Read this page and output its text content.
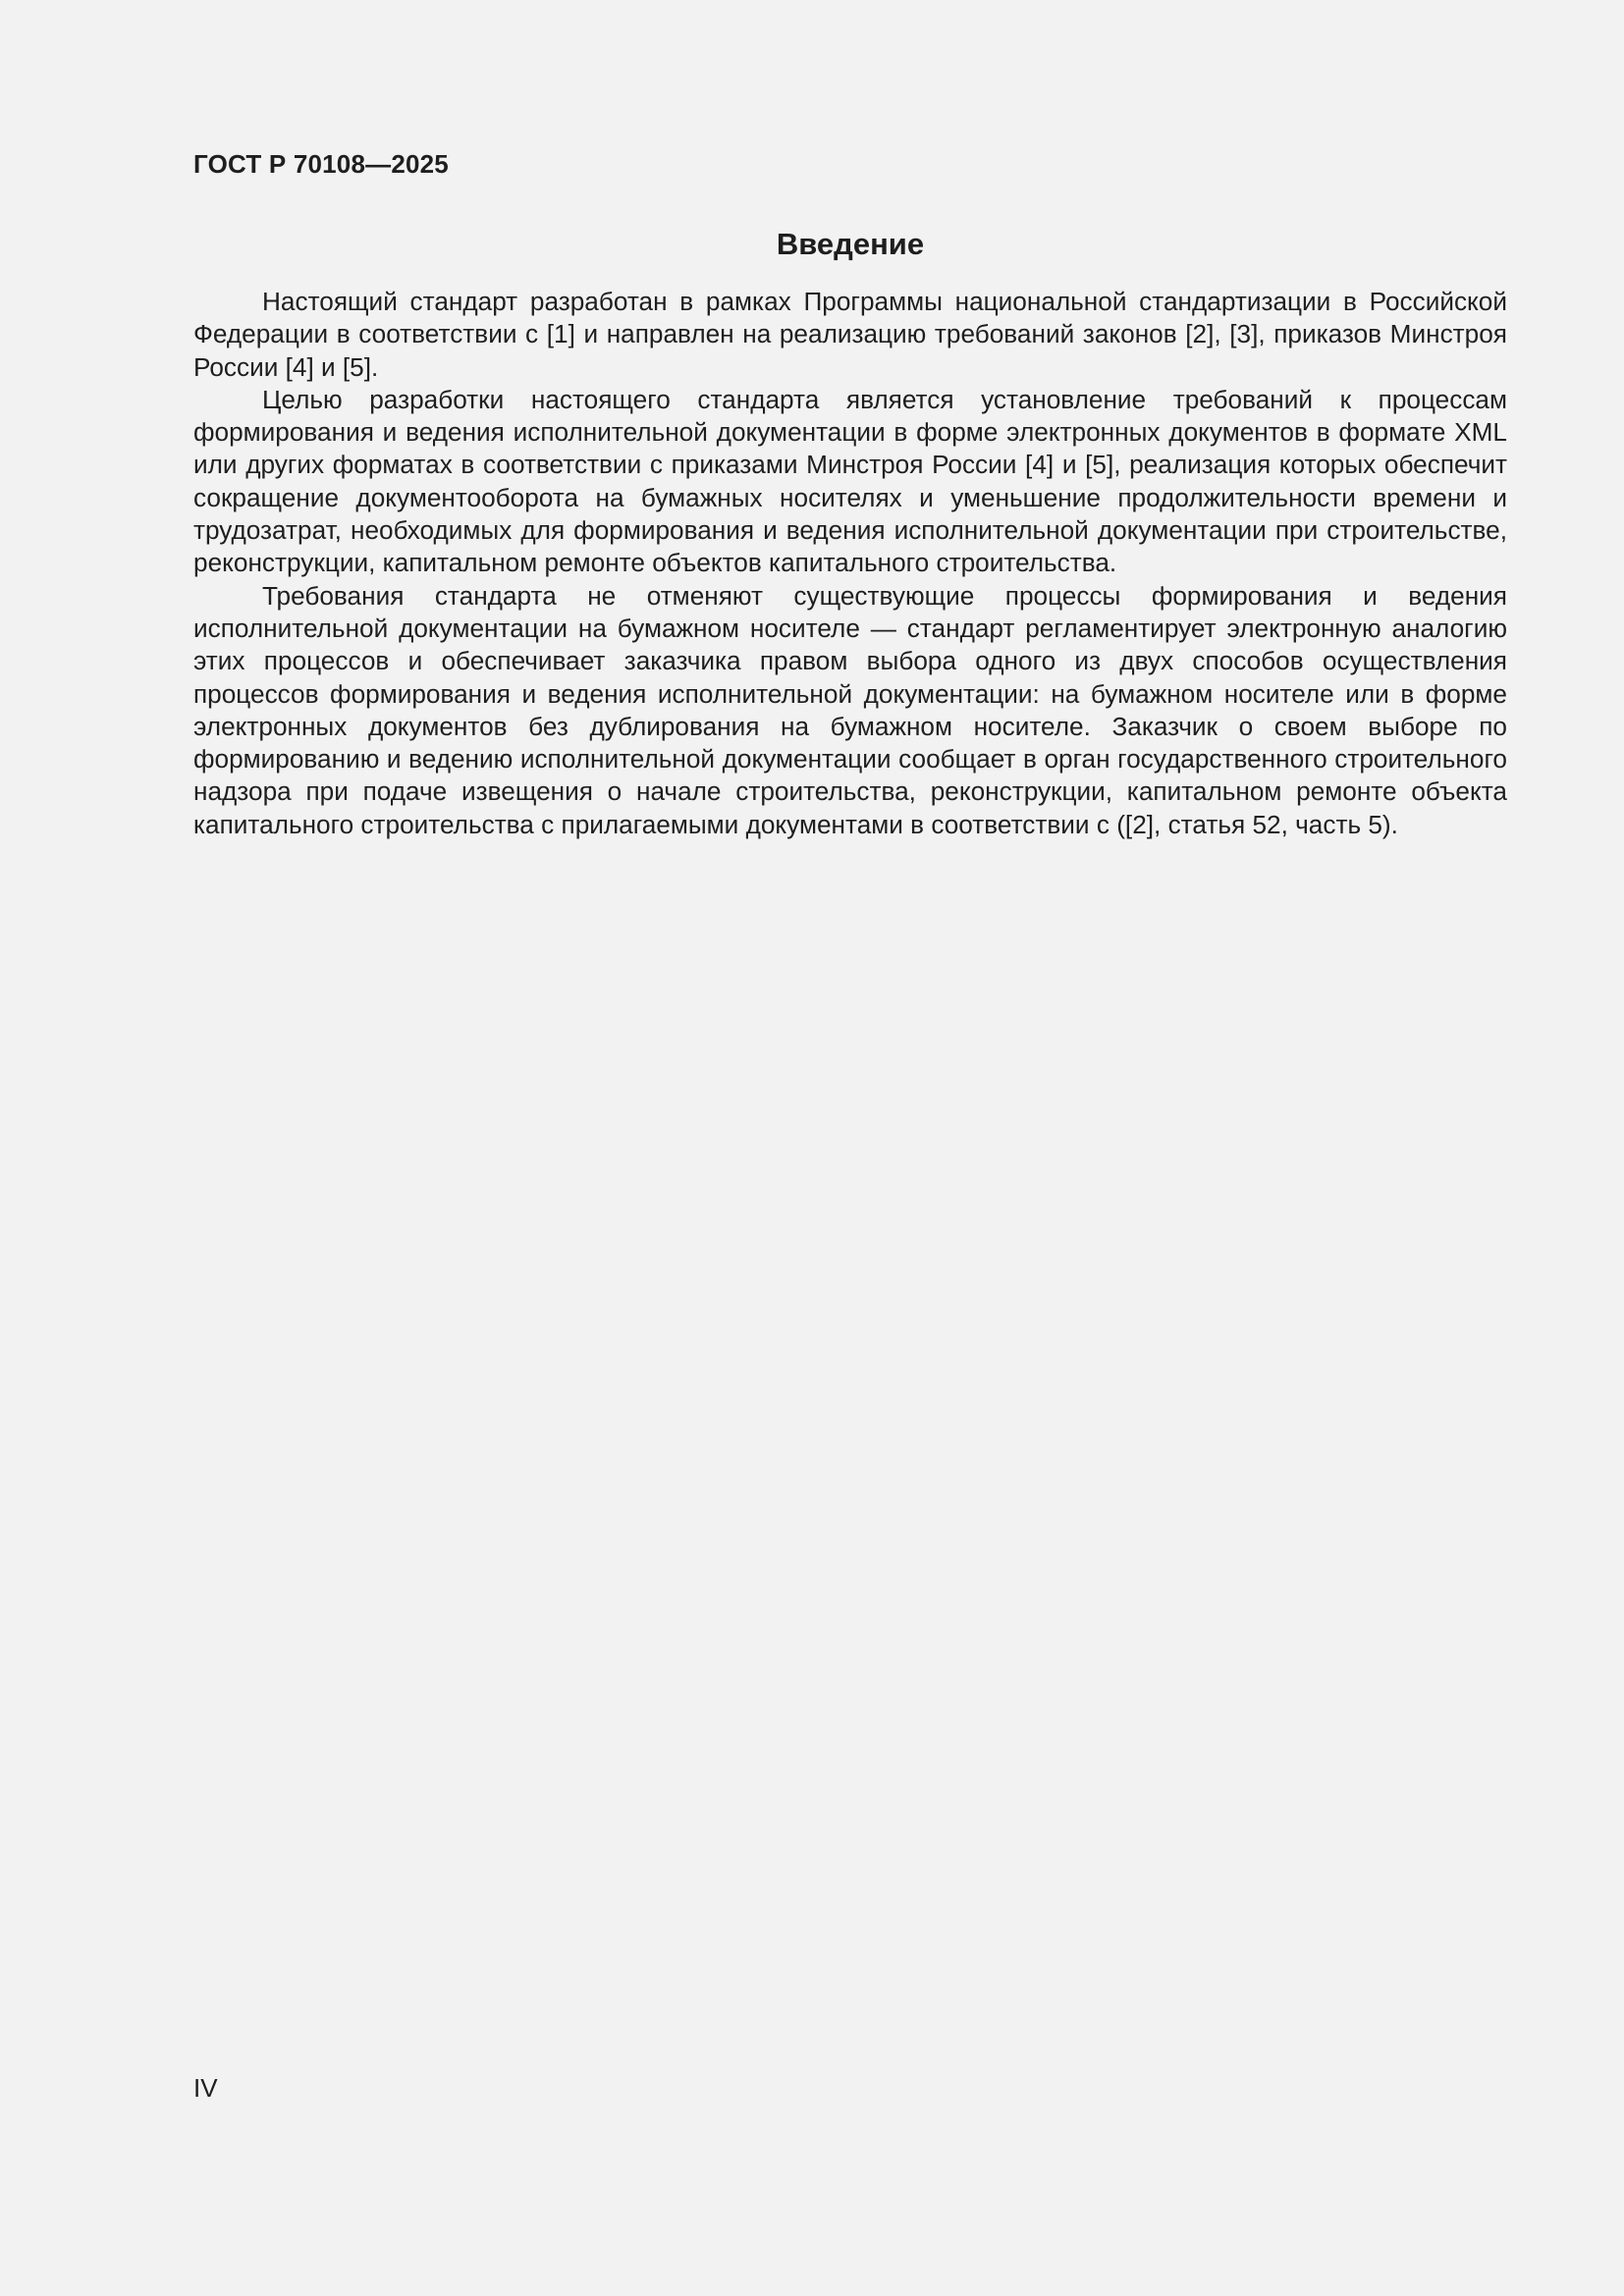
ГОСТ Р 70108—2025
Введение

Настоящий стандарт разработан в рамках Программы национальной стандартизации в Российской Федерации в соответствии с [1] и направлен на реализацию требований законов [2], [3], приказов Минстроя России [4] и [5].

Целью разработки настоящего стандарта является установление требований к процессам формирования и ведения исполнительной документации в форме электронных документов в формате XML или других форматах в соответствии с приказами Минстроя России [4] и [5], реализация которых обеспечит сокращение документооборота на бумажных носителях и уменьшение продолжительности времени и трудозатрат, необходимых для формирования и ведения исполнительной документации при строительстве, реконструкции, капитальном ремонте объектов капитального строительства.

Требования стандарта не отменяют существующие процессы формирования и ведения исполнительной документации на бумажном носителе — стандарт регламентирует электронную аналогию этих процессов и обеспечивает заказчика правом выбора одного из двух способов осуществления процессов формирования и ведения исполнительной документации: на бумажном носителе или в форме электронных документов без дублирования на бумажном носителе. Заказчик о своем выборе по формированию и ведению исполнительной документации сообщает в орган государственного строительного надзора при подаче извещения о начале строительства, реконструкции, капитальном ремонте объекта капитального строительства с прилагаемыми документами в соответствии с ([2], статья 52, часть 5).

IV
